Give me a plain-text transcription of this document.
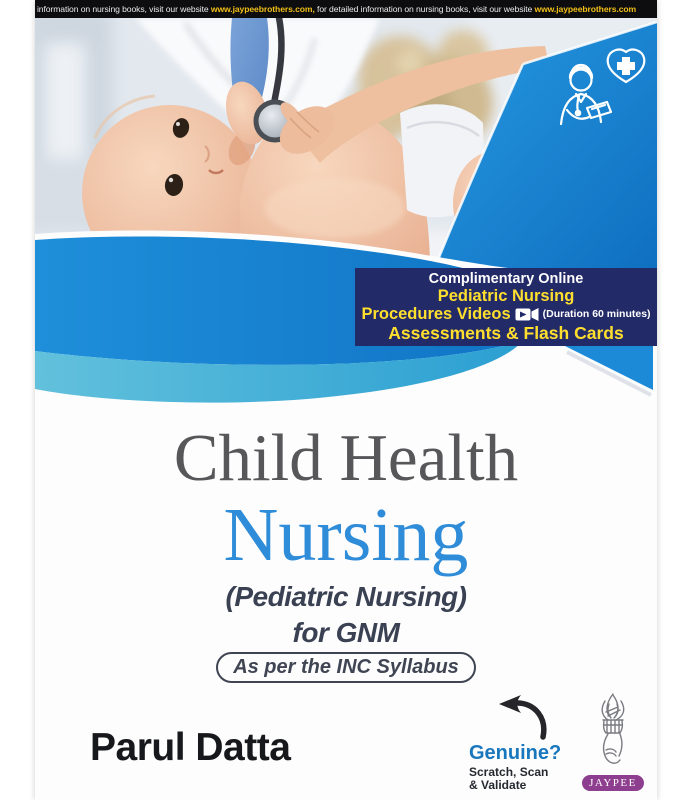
information on nursing books, visit our website www.jaypeebrothers.com, for detailed information on nursing books, visit our website www.jaypeebrothers.com
Complimentary Online
Pediatric Nursing
Procedures Videos	(Duration 60 minutes)
Assessments & Flash Cards
Child Health
Nursing
(Pediatric Nursing)
for GNM
As per the INC Syllabus
Parul Datta	Genuine?
Scratch, Scan
& Validate	JAYPEE
